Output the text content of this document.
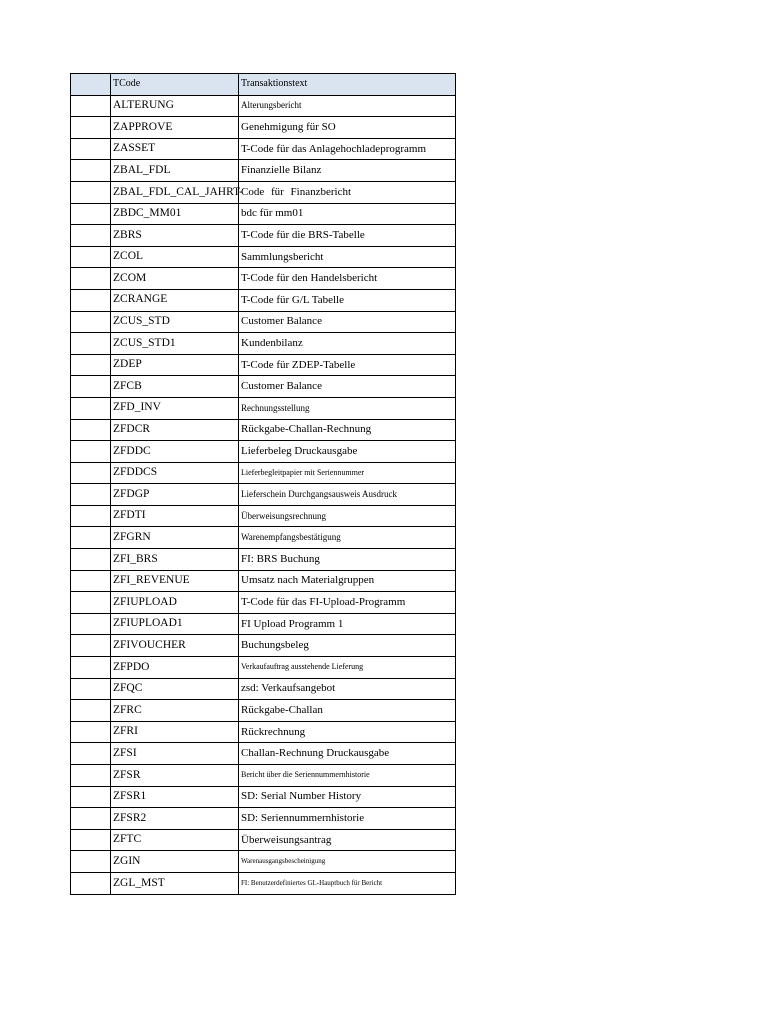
	TCode	Transaktionstext
	ALTERUNG	Alterungsbericht
	ZAPPROVE	Genehmigung für SO
	ZASSET	T-Code für das Anlagehochladeprogramm
	ZBAL_FDL	Finanzielle Bilanz
	ZBAL_FDL_CAL_JAHRT-	Code für Finanzbericht
	ZBDC_MM01	bdc für mm01
	ZBRS	T-Code für die BRS-Tabelle
	ZCOL	Sammlungsbericht
	ZCOM	T-Code für den Handelsbericht
	ZCRANGE	T-Code für G/L Tabelle
	ZCUS_STD	Customer Balance
	ZCUS_STD1	Kundenbilanz
	ZDEP	T-Code für ZDEP-Tabelle
	ZFCB	Customer Balance
	ZFD_INV	Rechnungsstellung
	ZFDCR	Rückgabe-Challan-Rechnung
	ZFDDC	Lieferbeleg Druckausgabe
	ZFDDCS	Lieferbegleitpapier mit Seriennummer
	ZFDGP	Lieferschein Durchgangsausweis Ausdruck
	ZFDTI	Überweisungsrechnung
	ZFGRN	Warenempfangsbestätigung
	ZFI_BRS	FI: BRS Buchung
	ZFI_REVENUE	Umsatz nach Materialgruppen
	ZFIUPLOAD	T-Code für das FI-Upload-Programm
	ZFIUPLOAD1	FI Upload Programm 1
	ZFIVOUCHER	Buchungsbeleg
	ZFPDO	Verkaufauftrag ausstehende Lieferung
	ZFQC	zsd: Verkaufsangebot
	ZFRC	Rückgabe-Challan
	ZFRI	Rückrechnung
	ZFSI	Challan-Rechnung Druckausgabe
	ZFSR	Bericht über die Seriennummernhistorie
	ZFSR1	SD: Serial Number History
	ZFSR2	SD: Seriennummernhistorie
	ZFTC	Überweisungsantrag
	ZGIN	Warenausgangsbescheinigung
	ZGL_MST	FI: Benutzerdefiniertes GL-Hauptbuch für Bericht
